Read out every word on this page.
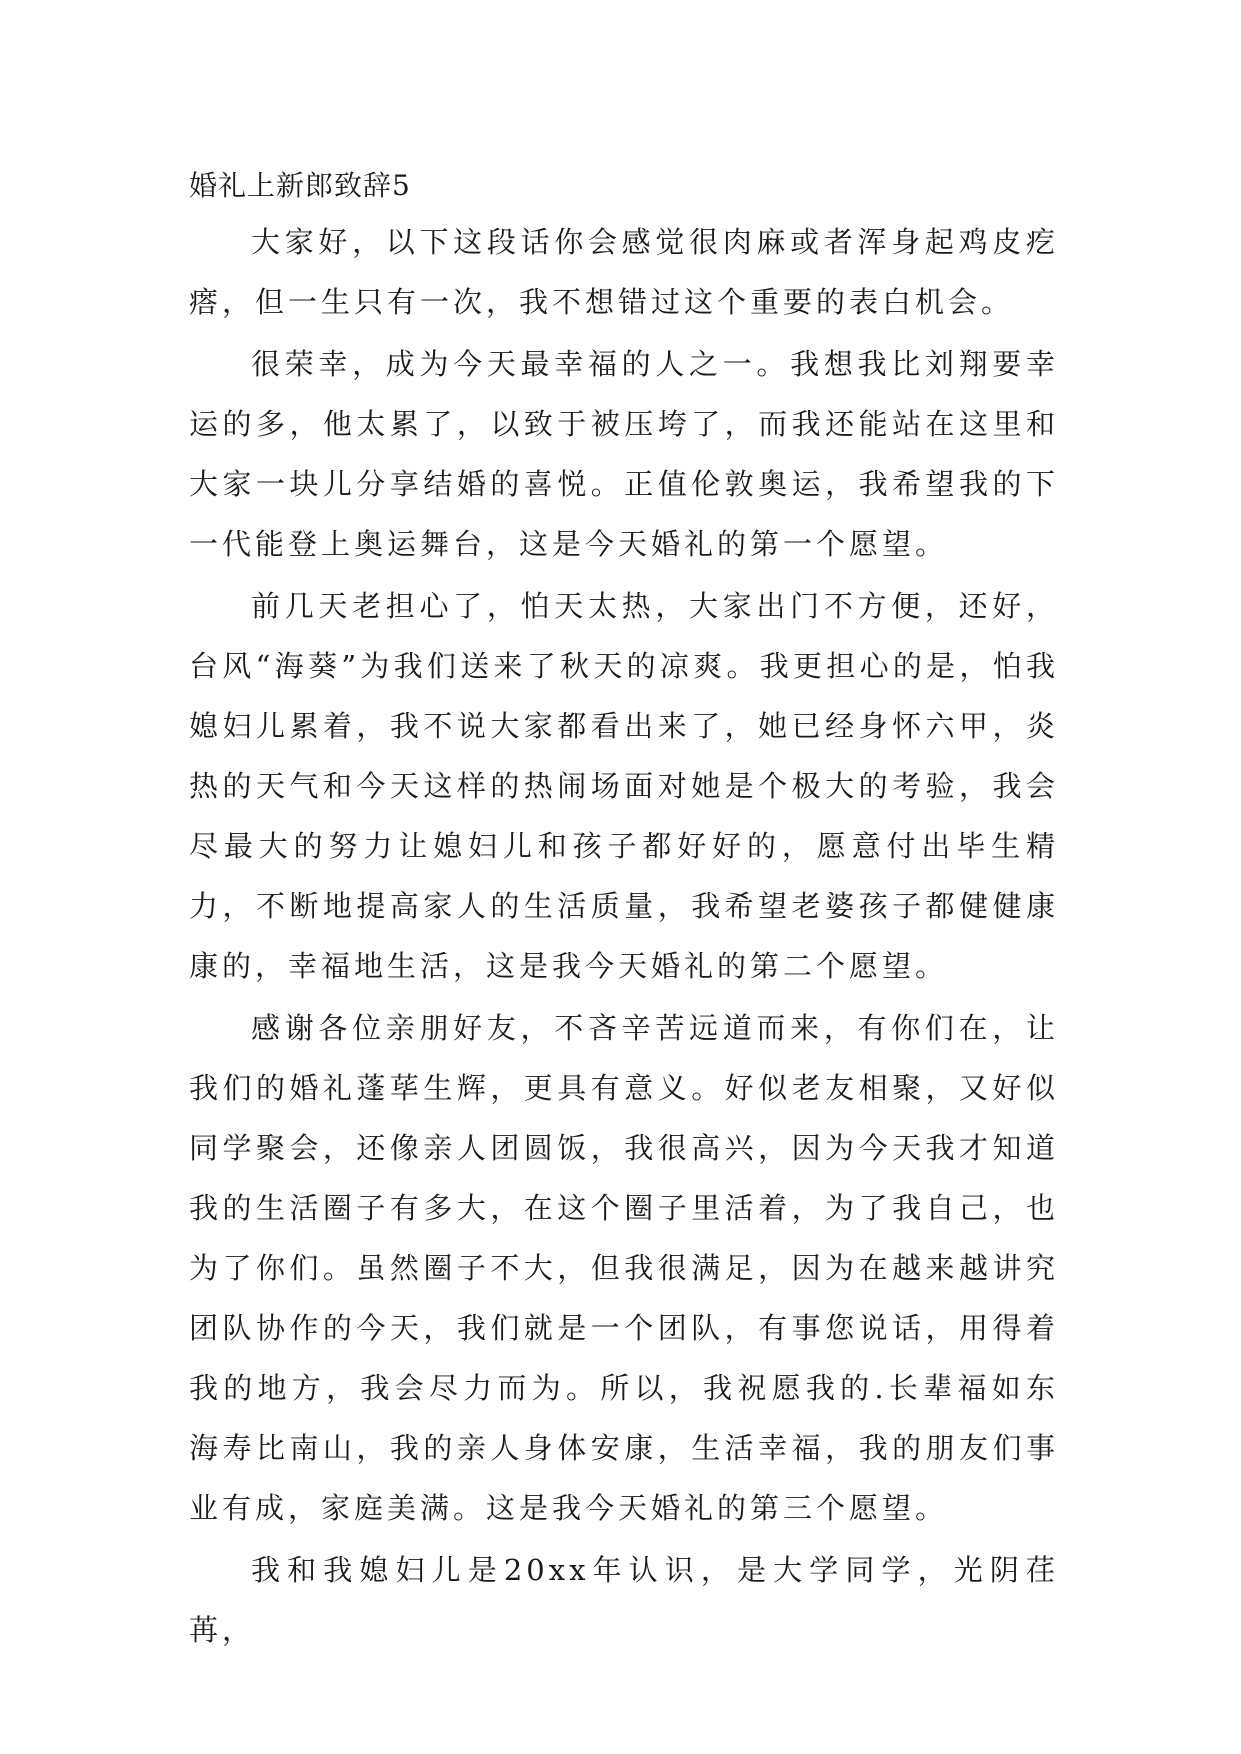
婚礼上新郎致辞5

大家好，以下这段话你会感觉很肉麻或者浑身起鸡皮疙瘩，但一生只有一次，我不想错过这个重要的表白机会。

很荣幸，成为今天最幸福的人之一。我想我比刘翔要幸运的多，他太累了，以致于被压垮了，而我还能站在这里和大家一块儿分享结婚的喜悦。正值伦敦奥运，我希望我的下一代能登上奥运舞台，这是今天婚礼的第一个愿望。

前几天老担心了，怕天太热，大家出门不方便，还好，台风“海葵”为我们送来了秋天的凉爽。我更担心的是，怕我媳妇儿累着，我不说大家都看出来了，她已经身怀六甲，炎热的天气和今天这样的热闹场面对她是个极大的考验，我会尽最大的努力让媳妇儿和孩子都好好的，愿意付出毕生精力，不断地提高家人的生活质量，我希望老婆孩子都健健康康的，幸福地生活，这是我今天婚礼的第二个愿望。

感谢各位亲朋好友，不吝辛苦远道而来，有你们在，让我们的婚礼蓬荜生辉，更具有意义。好似老友相聚，又好似同学聚会，还像亲人团圆饭，我很高兴，因为今天我才知道我的生活圈子有多大，在这个圈子里活着，为了我自己，也为了你们。虽然圈子不大，但我很满足，因为在越来越讲究团队协作的今天，我们就是一个团队，有事您说话，用得着我的地方，我会尽力而为。所以，我祝愿我的.长辈福如东海寿比南山，我的亲人身体安康，生活幸福，我的朋友们事业有成，家庭美满。这是我今天婚礼的第三个愿望。

我和我媳妇儿是20xx年认识，是大学同学，光阴荏苒，
